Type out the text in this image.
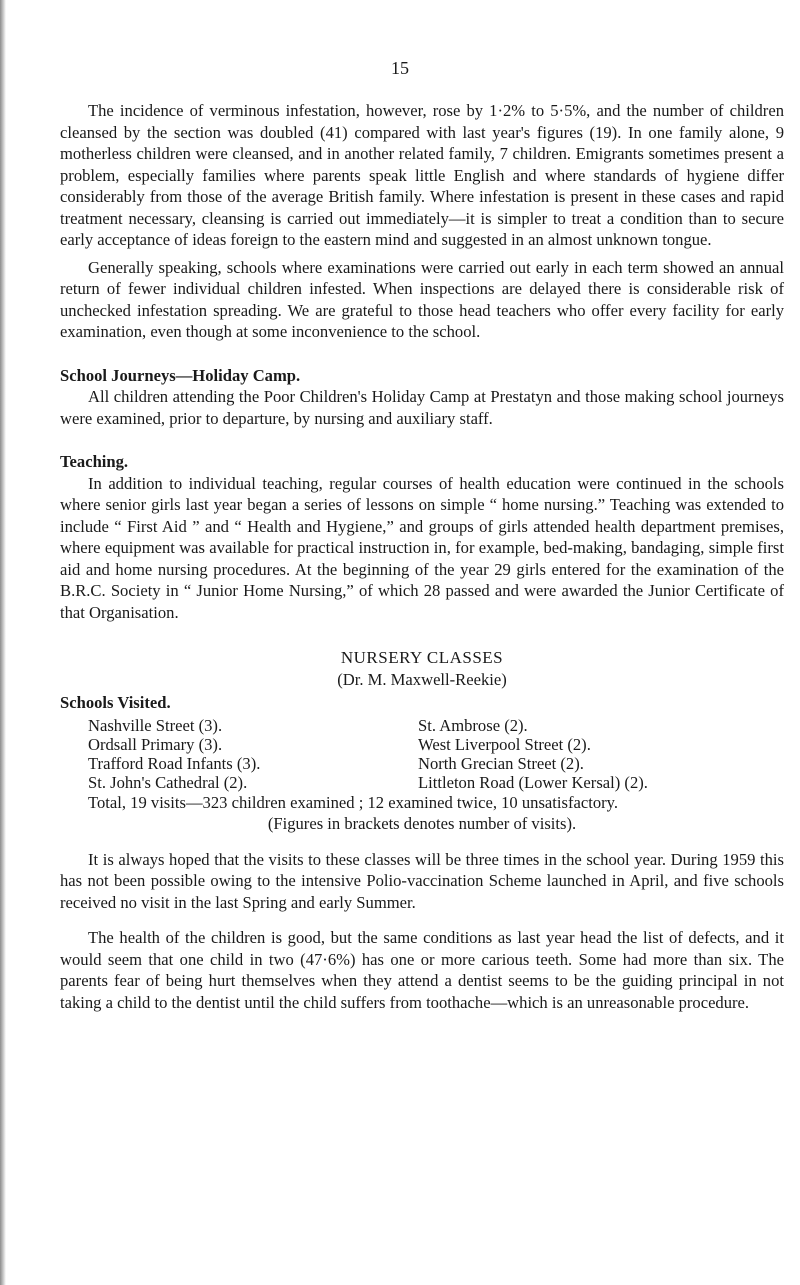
15

The incidence of verminous infestation, however, rose by 1·2% to 5·5%, and the number of children cleansed by the section was doubled (41) compared with last year's figures (19). In one family alone, 9 motherless children were cleansed, and in another related family, 7 children. Emigrants sometimes present a problem, especially families where parents speak little English and where standards of hygiene differ considerably from those of the average British family. Where infestation is present in these cases and rapid treatment necessary, cleansing is carried out immediately—it is simpler to treat a condition than to secure early acceptance of ideas foreign to the eastern mind and suggested in an almost unknown tongue.

Generally speaking, schools where examinations were carried out early in each term showed an annual return of fewer individual children infested. When inspections are delayed there is considerable risk of unchecked infestation spreading. We are grateful to those head teachers who offer every facility for early examination, even though at some inconvenience to the school.

School Journeys—Holiday Camp.

All children attending the Poor Children's Holiday Camp at Prestatyn and those making school journeys were examined, prior to departure, by nursing and auxiliary staff.

Teaching.

In addition to individual teaching, regular courses of health education were continued in the schools where senior girls last year began a series of lessons on simple “ home nursing.” Teaching was extended to include “ First Aid ” and “ Health and Hygiene,” and groups of girls attended health department premises, where equipment was available for practical instruction in, for example, bed-making, bandaging, simple first aid and home nursing procedures. At the beginning of the year 29 girls entered for the examination of the B.R.C. Society in “ Junior Home Nursing,” of which 28 passed and were awarded the Junior Certificate of that Organisation.

NURSERY CLASSES
(Dr. M. Maxwell-Reekie)
Schools Visited.
Nashville Street (3).
Ordsall Primary (3).
Trafford Road Infants (3).
St. John's Cathedral (2).
St. Ambrose (2).
West Liverpool Street (2).
North Grecian Street (2).
Littleton Road (Lower Kersal) (2).

Total, 19 visits—323 children examined ; 12 examined twice, 10 unsatisfactory.

(Figures in brackets denotes number of visits).

It is always hoped that the visits to these classes will be three times in the school year. During 1959 this has not been possible owing to the intensive Polio-vaccination Scheme launched in April, and five schools received no visit in the last Spring and early Summer.

The health of the children is good, but the same conditions as last year head the list of defects, and it would seem that one child in two (47·6%) has one or more carious teeth. Some had more than six. The parents fear of being hurt themselves when they attend a dentist seems to be the guiding principal in not taking a child to the dentist until the child suffers from toothache—which is an unreasonable procedure.
